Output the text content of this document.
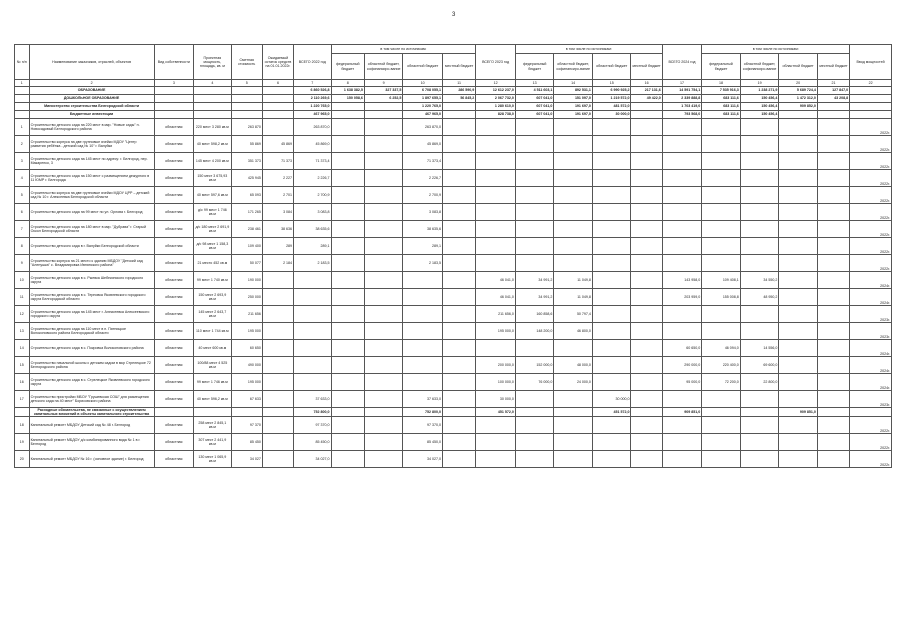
3
№ п/п	Наименование заказчиков, отраслей, объектов	Вид собственности	Проектная мощность, площадь, кв. м	Сметная стоимость	Ожидаемый остаток средств на 01.01.2022г.	ВСЕГО 2022 год	в том числе по источникам:				ВСЕГО 2023 год	в том числе по источникам:				ВСЕГО 2024 год	в том числе по источникам:				Ввод мощностей
							федеральный бюджет	областной бюджет, софинансиро-вание	областной бюджет	местный бюджет		федеральный бюджет	областной бюджет, софинансиро-вание	областной бюджет	местный бюджет		федеральный бюджет	областной бюджет, софинансиро-вание	областной бюджет	местный бюджет	
1	2	3	4	5	6	7	8	9	10	11	12	13	14	15	16	17	18	19	20	21	22
	ОБРАЗОВАНИЕ					6 860 526,8	1 638 382,5	327 337,5	6 708 055,1	286 590,9	12 612 237,0	4 511 603,1	892 531,1	6 990 925,2	217 131,6	14 591 754,1	7 535 916,3	1 238 271,9	5 689 724,4	127 847,0	
	ДОШКОЛЬНОЕ ОБРАЗОВАНИЕ					2 110 269,6	150 058,6	6 252,5	1 897 655,1	56 845,2	2 067 732,0	607 041,0	151 097,0	1 219 572,0	49 422,0	2 339 888,8	683 111,6	150 456,4	1 472 312,0	43 208,8	
	Министерство строительства Белгородской области					1 220 765,0			1 220 765,0		1 280 610,0	607 041,0	191 697,0	481 572,0		1 703 419,0	683 111,6	150 456,4	909 852,0		
	Бюджетные инвестиции					467 965,0			467 965,0		828 738,0	607 041,0	191 697,0	30 000,0		793 568,0	683 111,6	150 456,4			
1	Строительство детского сада на 220 мест в мкр. "Новые сады" п. Новосадовый Белгородского района	областная	220 мест 3 280 кв.м	263 870		263 870,0			263 870,0												2022г.
2	Строительство корпуса на две групповые ячейки МДОУ "Центр развития ребёнка - детский сад № 10" г. Валуйки	областная	40 мест 598,2 кв.м	55 869	45 869	45 869,0			45 869,0												2022г.
3	Строительство детского сада на 145 мест по адресу: г. Белгород, пер. Макаренко, 3	областная	145 мест 4 200 кв.м	351 373	71 373	71 373,4			71 373,4												2022г.
4	Строительство детского сада на 150 мест с размещением дежурного в 11 ЮМР г. Белгорода	областная	150 мест 3 675,93 кв.м	425 945	2 227	2 226,7			2 226,7												2022г.
5	Строительство корпуса на две групповые ячейки МДОУ ЦРР – детский сад № 10 г. Алексеевка Белгородской области	областная	40 мест 597,6 кв.м	65 093	2 701	2 700,9			2 700,9												2022г.
6	Строительство детского сада на 99 мест по ул. Орлова г. Белгород	областная	д/с 99 мест 1 746 кв.м	171 265	3 084	3 083,8			3 083,8												2022г.
7	Строительство детского сада на 180 мест в мкр. "Дубрава" г. Старый Оскол Белгородской области	областная	д/с 180 мест 2 691,9 кв.м	238 461	38 636	38 635,6			38 635,6												2022г.
8	Строительство детского сада в г. Валуйки Белгородской области	областная	д/с 98 мест 1 158,3 кв.м	109 400	289	289,1			289,1												2022г.
9	Строительство корпуса на 21 место к зданию МБДОУ "Детский сад "Аленушка" с. Владимировка Ивнянского района"	областная	21 место 452 кв.м	50 077	2 184	2 183,5			2 183,5												2022г.
10	Строительство детского сада в с. Ржевка Шебекинского городского округа	областная	99 мест 1 740 кв.м	190 000							46 041,0	34 991,2	11 049,8			143 958,0	109 408,1	34 550,2			2024г.
11	Строительство детского сада в с. Терновка Яковлевского городского округа Белгородской области	областная	150 мест 2 693,9 кв.м	250 000							46 041,0	34 991,2	11 049,8			203 959,0	155 008,8	48 950,2			2024г.
12	Строительство детского сада на 145 мест г. Алексеевка Алексеевского городского округа	областная	145 мест 2 643,7 кв.м	211 656							211 656,0	160 858,6	50 797,4								2023г.
13	Строительство детского сада на 110 мест в п. Пятницкое Волоконовского района Белгородской области	областная	110 мест 1 744 кв.м	195 000							195 000,0	148 200,0	46 800,0								2023г.
14	Строительство детского сада в с. Покровка Волоконовского района	областная	40 мест 600 кв.м	60 650												60 650,0	46 094,0	14 556,0			2024г.
15	Строительство начальной школы с детским садом в мкр Стрелецкое 72 Белгородского района	областная	100/88 мест 4 525 кв.м	490 000							200 000,0	152 000,0	48 000,0			290 000,0	220 400,0	69 600,0			2024г.
16	Строительство детского сада в с. Стрелецкое Яковлевского городского округа	областная	99 мест 1 746 кв.м	195 000							100 000,0	76 000,0	24 000,0			95 000,0	72 200,0	22 800,0			2024г.
17	Строительство пристройки МБОУ "Грушевская СОШ" для размещения детского сада на 40 мест" Борисовского района	областная	40 мест 596,2 кв.м	67 633		37 633,0			37 633,0		30 000,0			30 000,0							2023г.
	Расходные обязательства, не связанные с осуществлением капитальных вложений в объекты капитального строительства					752 800,0			752 800,0		451 572,0			451 572,0		909 851,0			909 851,0		
18	Капитальный ремонт МБДОУ Детский сад № 48 г. Белгород	областная	258 мест 2 845,1 кв.м	97 370		97 370,0			97 370,0												2022г.
19	Капитальный ремонт МБДОУ д/с комбинированного вида № 1 в г. Белгород	областная	307 мест 2 441,9 кв.м	85 450		85 450,0			85 450,0												2022г.
20	Капитальный ремонт МБДОУ № 16 г. (основное здание) г. Белгород	областная	130 мест 1 065,9 кв.м	34 027		34 027,0			34 027,0												2022г.
